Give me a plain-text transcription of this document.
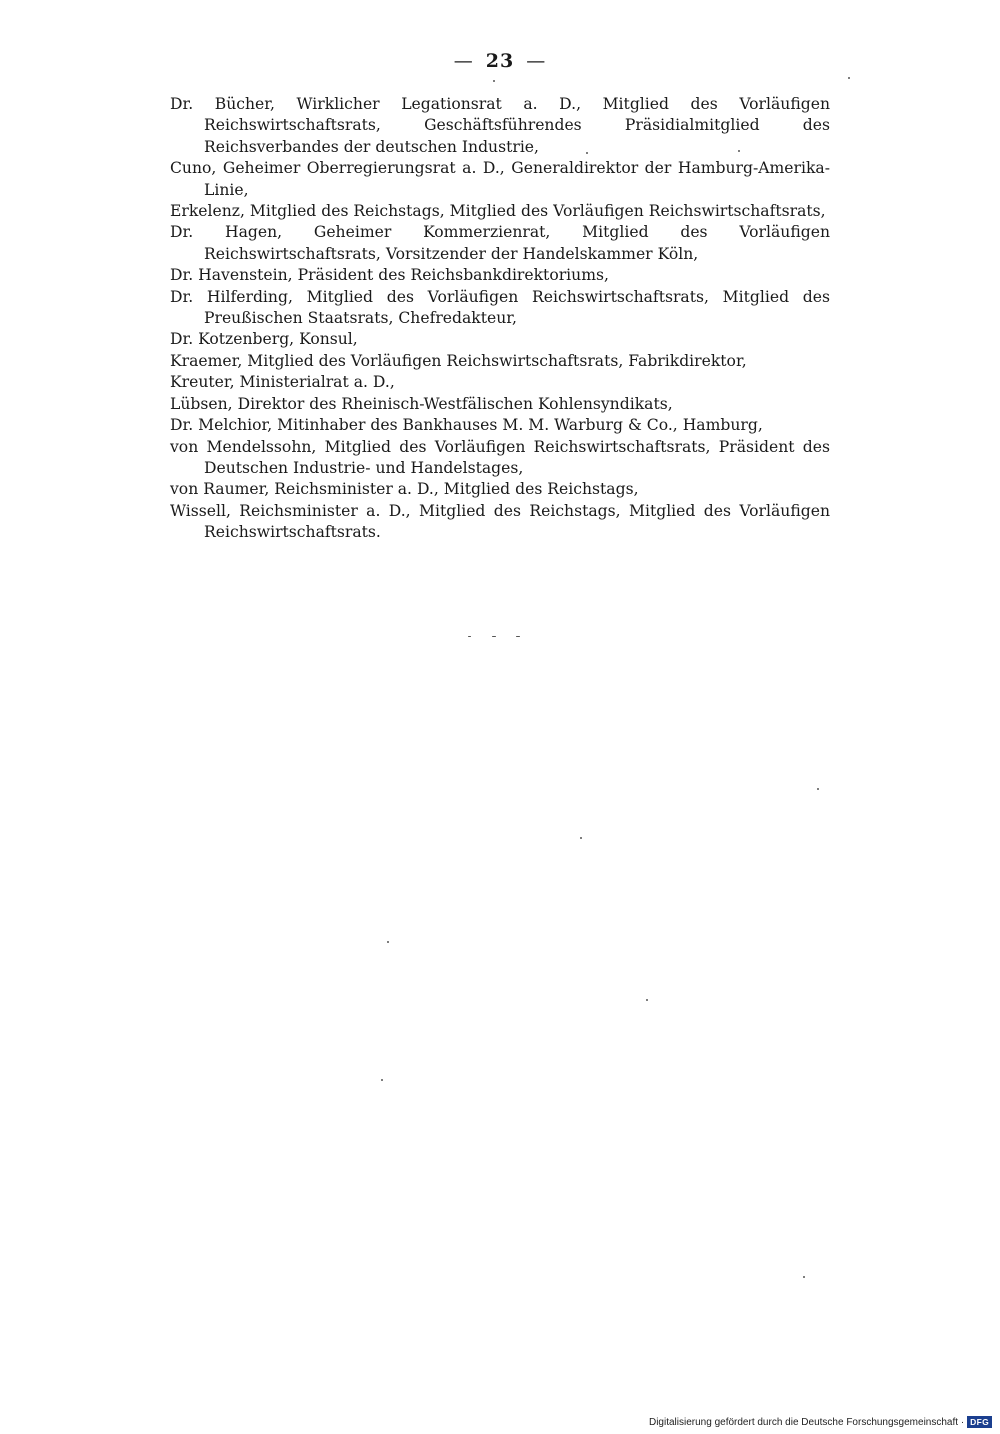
— 23 —
Dr. Bücher, Wirklicher Legationsrat a. D., Mitglied des Vorläufigen Reichswirtschaftsrats, Geschäftsführendes Präsidialmitglied des Reichsverbandes der deutschen Industrie,
Cuno, Geheimer Oberregierungsrat a. D., Generaldirektor der Hamburg-Amerika-Linie,
Erkelenz, Mitglied des Reichstags, Mitglied des Vorläufigen Reichswirtschaftsrats,
Dr. Hagen, Geheimer Kommerzienrat, Mitglied des Vorläufigen Reichswirtschaftsrats, Vorsitzender der Handelskammer Köln,
Dr. Havenstein, Präsident des Reichsbankdirektoriums,
Dr. Hilferding, Mitglied des Vorläufigen Reichswirtschaftsrats, Mitglied des Preußischen Staatsrats, Chefredakteur,
Dr. Kotzenberg, Konsul,
Kraemer, Mitglied des Vorläufigen Reichswirtschaftsrats, Fabrikdirektor,
Kreuter, Ministerialrat a. D.,
Lübsen, Direktor des Rheinisch-Westfälischen Kohlensyndikats,
Dr. Melchior, Mitinhaber des Bankhauses M. M. Warburg & Co., Hamburg,
von Mendelssohn, Mitglied des Vorläufigen Reichswirtschaftsrats, Präsident des Deutschen Industrie- und Handelstages,
von Raumer, Reichsminister a. D., Mitglied des Reichstags,
Wissell, Reichsminister a. D., Mitglied des Reichstags, Mitglied des Vorläufigen Reichswirtschaftsrats.
Digitalisierung gefördert durch die Deutsche Forschungsgemeinschaft · DFG
